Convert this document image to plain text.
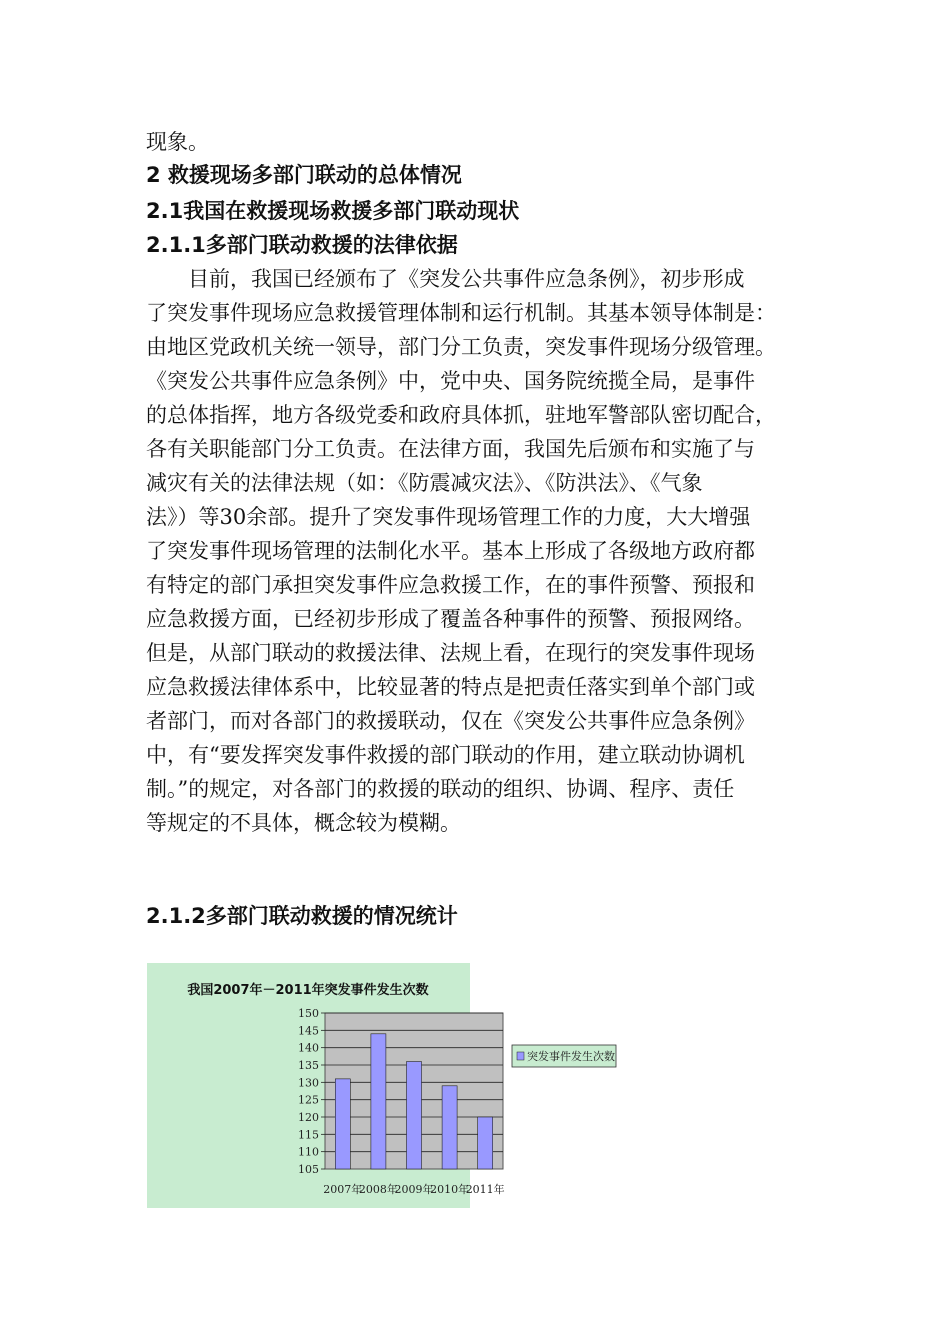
现象。
2 救援现场多部门联动的总体情况
2.1我国在救援现场救援多部门联动现状
2.1.1多部门联动救援的法律依据
　　目前，我国已经颁布了《突发公共事件应急条例》，初步形成
了突发事件现场应急救援管理体制和运行机制。其基本领导体制是：
由地区党政机关统一领导，部门分工负责，突发事件现场分级管理。
《突发公共事件应急条例》中，党中央、国务院统揽全局，是事件
的总体指挥，地方各级党委和政府具体抓，驻地军警部队密切配合，
各有关职能部门分工负责。在法律方面，我国先后颁布和实施了与
减灾有关的法律法规（如：《防震减灾法》、《防洪法》、《气象
法》）等30余部。提升了突发事件现场管理工作的力度，大大增强
了突发事件现场管理的法制化水平。基本上形成了各级地方政府都
有特定的部门承担突发事件应急救援工作，在的事件预警、预报和
应急救援方面，已经初步形成了覆盖各种事件的预警、预报网络。
但是，从部门联动的救援法律、法规上看，在现行的突发事件现场
应急救援法律体系中，比较显著的特点是把责任落实到单个部门或
者部门，而对各部门的救援联动，仅在《突发公共事件应急条例》
中，有“要发挥突发事件救援的部门联动的作用，建立联动协调机
制。”的规定，对各部门的救援的联动的组织、协调、程序、责任
等规定的不具体，概念较为模糊。
2.1.2多部门联动救援的情况统计
我国2007年－2011年突发事件发生次数
105
110
115
120
125
130
135
140
145
150
2007年
2008年
2009年
2010年
2011年
突发事件发生次数
